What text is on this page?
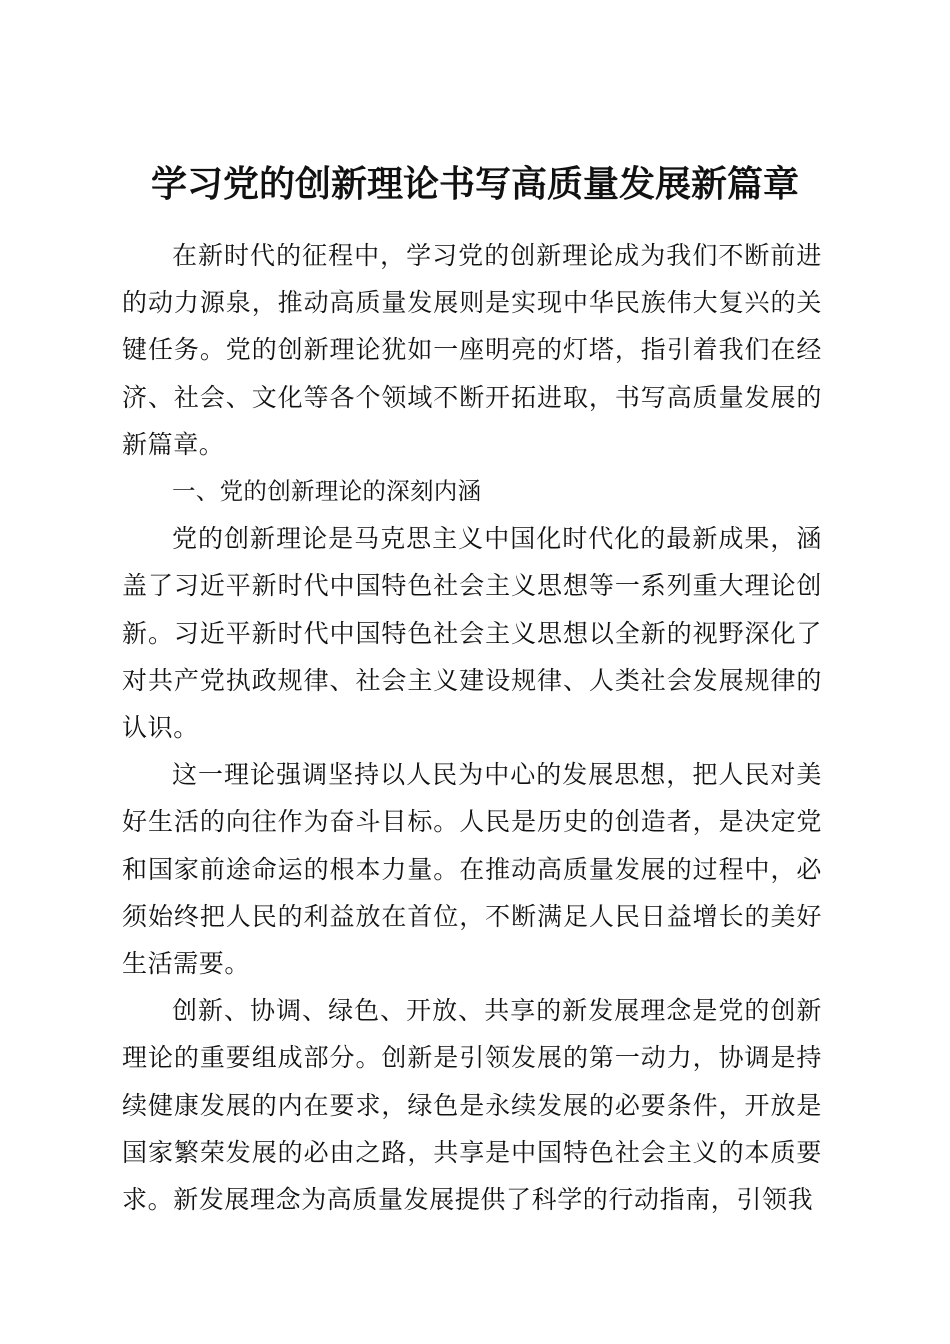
学习党的创新理论书写高质量发展新篇章

在新时代的征程中，学习党的创新理论成为我们不断前进的动力源泉，推动高质量发展则是实现中华民族伟大复兴的关键任务。党的创新理论犹如一座明亮的灯塔，指引着我们在经济、社会、文化等各个领域不断开拓进取，书写高质量发展的新篇章。

一、党的创新理论的深刻内涵

党的创新理论是马克思主义中国化时代化的最新成果，涵盖了习近平新时代中国特色社会主义思想等一系列重大理论创新。习近平新时代中国特色社会主义思想以全新的视野深化了对共产党执政规律、社会主义建设规律、人类社会发展规律的认识。

这一理论强调坚持以人民为中心的发展思想，把人民对美好生活的向往作为奋斗目标。人民是历史的创造者，是决定党和国家前途命运的根本力量。在推动高质量发展的过程中，必须始终把人民的利益放在首位，不断满足人民日益增长的美好生活需要。

创新、协调、绿色、开放、共享的新发展理念是党的创新理论的重要组成部分。创新是引领发展的第一动力，协调是持续健康发展的内在要求，绿色是永续发展的必要条件，开放是国家繁荣发展的必由之路，共享是中国特色社会主义的本质要求。新发展理念为高质量发展提供了科学的行动指南，引领我
